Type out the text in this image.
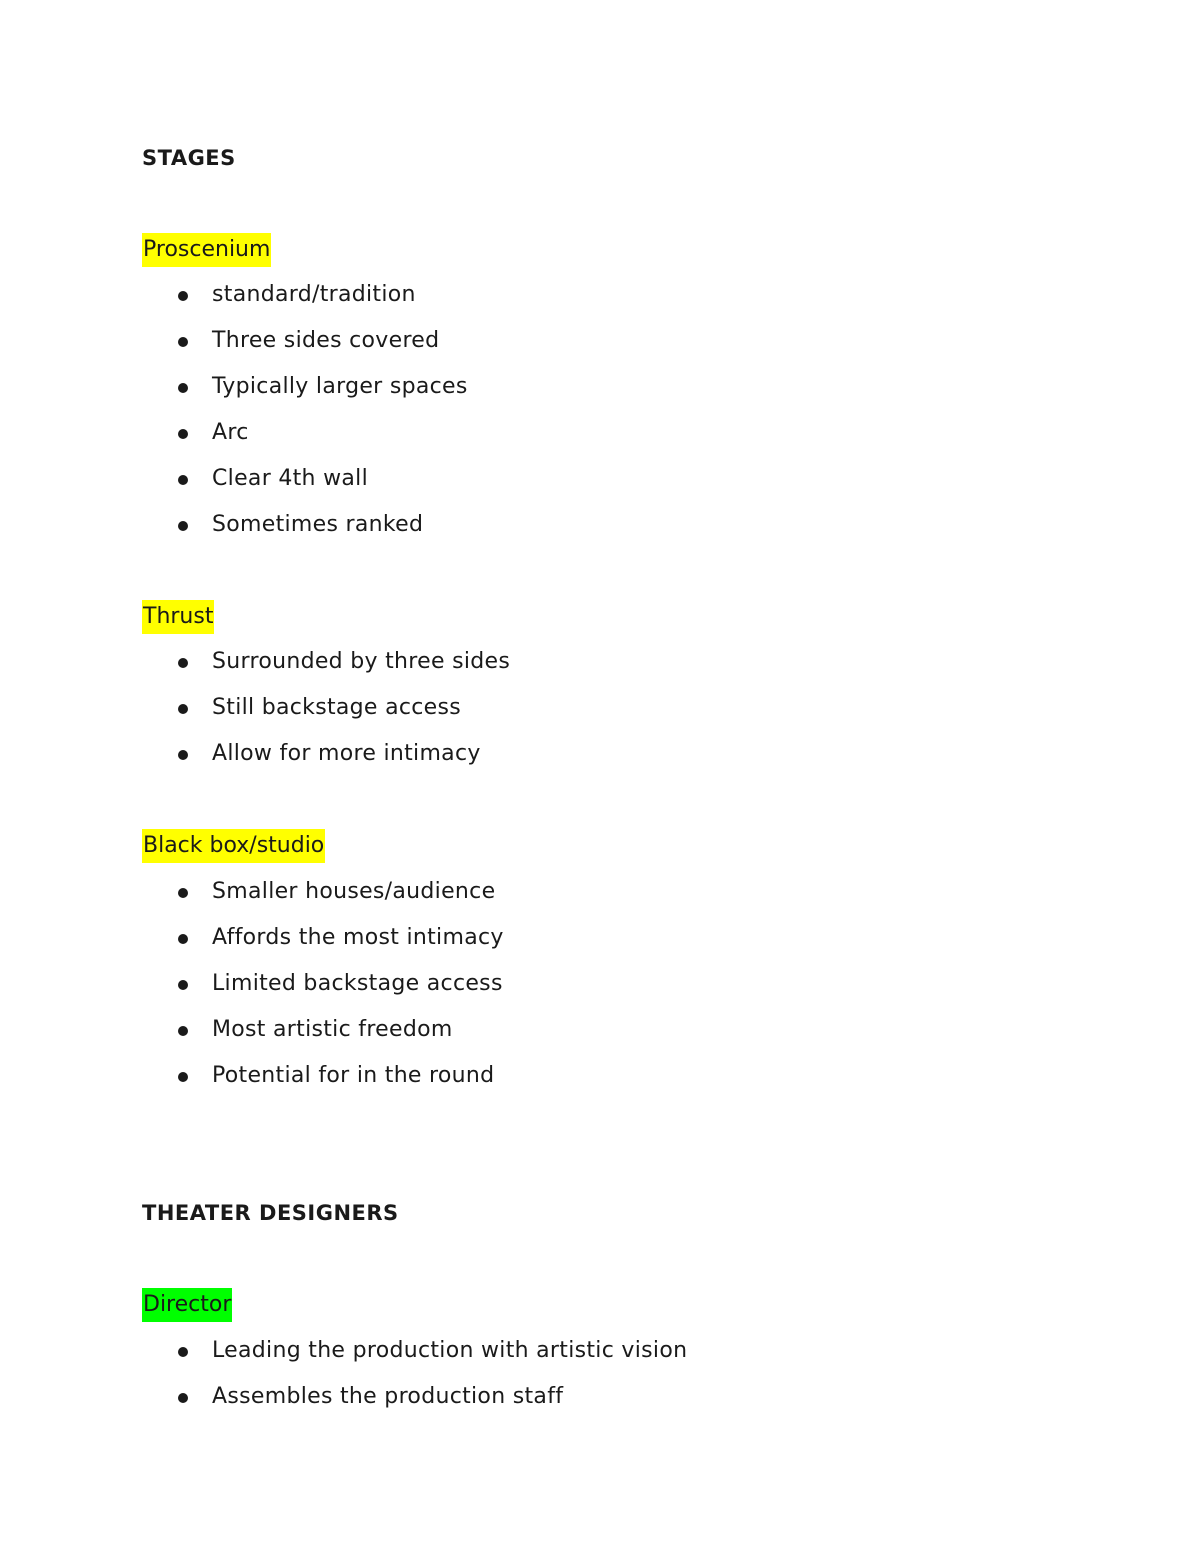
STAGES
Proscenium
standard/tradition
Three sides covered
Typically larger spaces
Arc
Clear 4th wall
Sometimes ranked
Thrust
Surrounded by three sides
Still backstage access
Allow for more intimacy
Black box/studio
Smaller houses/audience
Affords the most intimacy
Limited backstage access
Most artistic freedom
Potential for in the round
THEATER DESIGNERS
Director
Leading the production with artistic vision
Assembles the production staff
